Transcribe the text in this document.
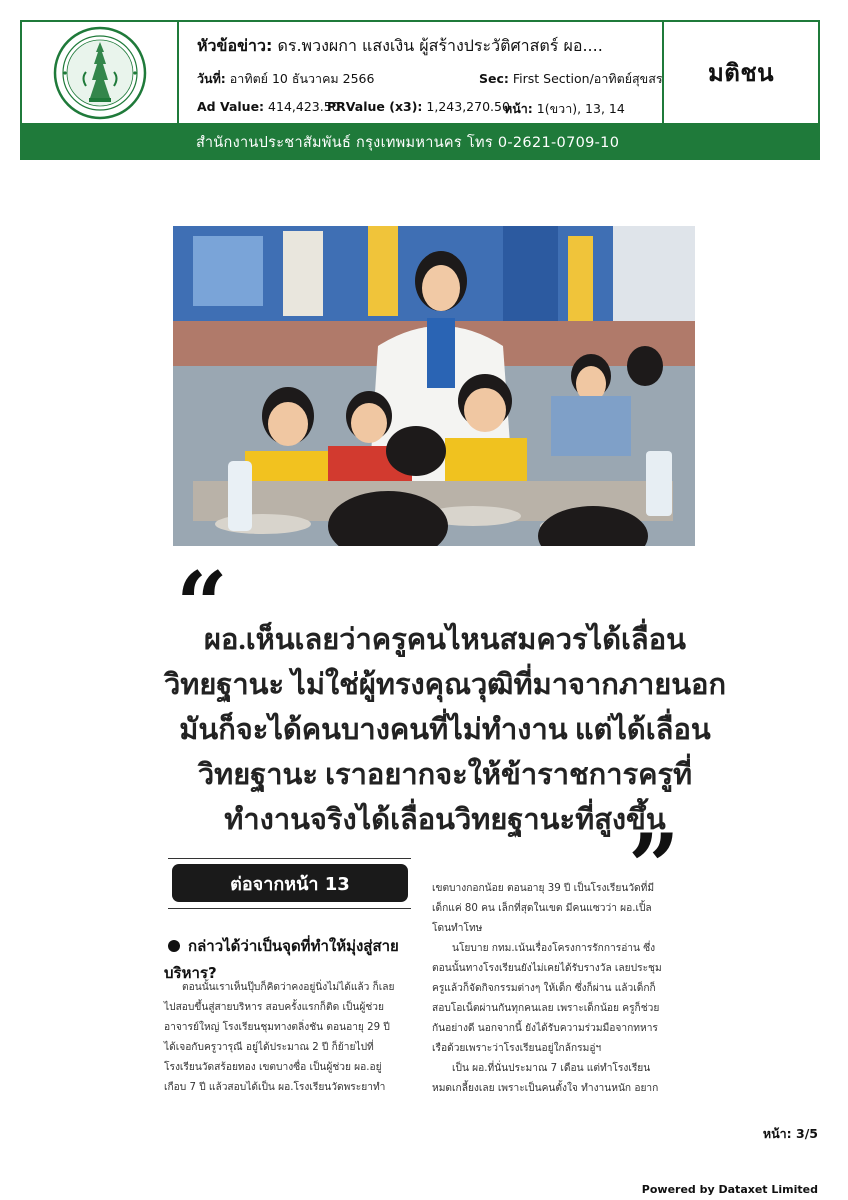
หัวข้อข่าว: ดร.พวงผกา แสงเงิน ผู้สร้างประวัติศาสตร์ ผอ....
วันที่: อาทิตย์ 10 ธันวาคม 2566	Sec: First Section/อาทิตย์สุขสร
Ad Value: 414,423.50
PRValue (x3): 1,243,270.50
หน้า: 1(ขวา), 13, 14
มติชน
สำนักงานประชาสัมพันธ์ กรุงเทพมหานคร โทร 0-2621-0709-10
“
ผอ.เห็นเลยว่าครูคนไหนสมควรได้เลื่อน
วิทยฐานะ ไม่ใช่ผู้ทรงคุณวุฒิที่มาจากภายนอก
มันก็จะได้คนบางคนที่ไม่ทำงาน แต่ได้เลื่อน
วิทยฐานะ เราอยากจะให้ข้าราชการครูที่
ทำงานจริงได้เลื่อนวิทยฐานะที่สูงขึ้น
”
ต่อจากหน้า 13
กล่าวได้ว่าเป็นจุดที่ทำให้มุ่งสู่สาย
บริหาร?
ตอนนั้นเราเห็นปุ๊บก็คิดว่าคงอยู่นิ่งไม่ได้แล้ว ก็เลย
ไปสอบขึ้นสู่สายบริหาร สอบครั้งแรกก็ติด เป็นผู้ช่วย
อาจารย์ใหญ่ โรงเรียนชุมทางตลิ่งชัน ตอนอายุ 29 ปี
ได้เจอกับครูวารุณี อยู่ได้ประมาณ 2 ปี ก็ย้ายไปที่
โรงเรียนวัดสร้อยทอง เขตบางซื่อ เป็นผู้ช่วย ผอ.อยู่
เกือบ 7 ปี แล้วสอบได้เป็น ผอ.โรงเรียนวัดพระยาทำ
เขตบางกอกน้อย ตอนอายุ 39 ปี เป็นโรงเรียนวัดที่มี
เด็กแค่ 80 คน เล็กที่สุดในเขต มีคนแซวว่า ผอ.เปิ้ล
โดนทำโทษ
นโยบาย กทม.เน้นเรื่องโครงการรักการอ่าน ซึ่ง
ตอนนั้นทางโรงเรียนยังไม่เคยได้รับรางวัล เลยประชุม
ครูแล้วก็จัดกิจกรรมต่างๆ ให้เด็ก ซึ่งก็ผ่าน แล้วเด็กก็
สอบโอเน็ตผ่านกันทุกคนเลย เพราะเด็กน้อย ครูก็ช่วย
กันอย่างดี นอกจากนี้ ยังได้รับความร่วมมือจากทหาร
เรือด้วยเพราะว่าโรงเรียนอยู่ใกล้กรมอู่ฯ
เป็น ผอ.ที่นั่นประมาณ 7 เดือน แต่ทำโรงเรียน
หมดเกลี้ยงเลย เพราะเป็นคนตั้งใจ ทำงานหนัก อยาก
หน้า: 3/5
Powered by Dataxet Limited
